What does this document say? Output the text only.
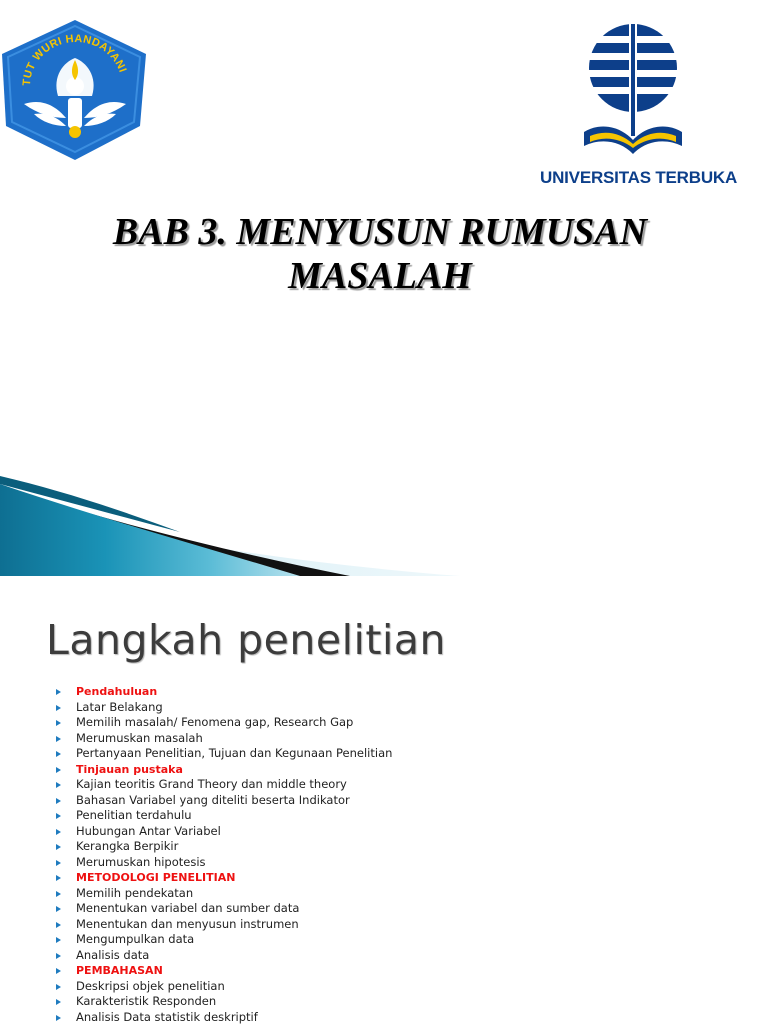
TUT WURI HANDAYANI
UNIVERSITAS TERBUKA
BAB 3. MENYUSUN RUMUSAN
MASALAH
Langkah penelitian
Pendahuluan
Latar Belakang
Memilih masalah/ Fenomena gap, Research Gap
Merumuskan masalah
Pertanyaan Penelitian, Tujuan dan Kegunaan Penelitian
Tinjauan pustaka
Kajian teoritis Grand Theory dan middle theory
Bahasan Variabel yang diteliti beserta Indikator
Penelitian terdahulu
Hubungan Antar Variabel
Kerangka Berpikir
Merumuskan hipotesis
METODOLOGI PENELITIAN
Memilih pendekatan
Menentukan variabel dan sumber data
Menentukan dan menyusun instrumen
Mengumpulkan data
Analisis data
PEMBAHASAN
Deskripsi objek penelitian
Karakteristik Responden
Analisis Data statistik deskriptif
